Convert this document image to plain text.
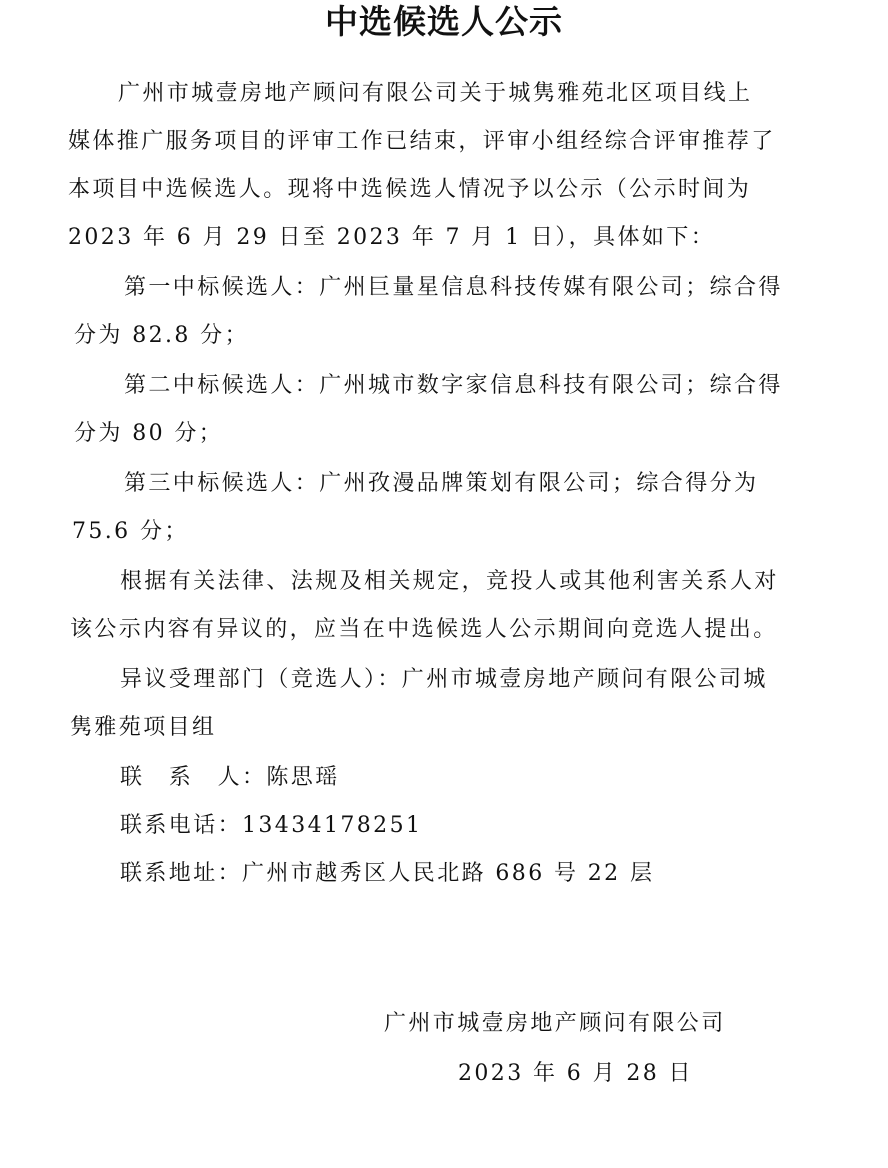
中选候选人公示
广州市城壹房地产顾问有限公司关于城隽雅苑北区项目线上
媒体推广服务项目的评审工作已结束，评审小组经综合评审推荐了
本项目中选候选人。现将中选候选人情况予以公示（公示时间为
2023 年 6 月 29 日至 2023 年 7 月 1 日），具体如下：
第一中标候选人：广州巨量星信息科技传媒有限公司；综合得
分为 82.8 分；
第二中标候选人：广州城市数字家信息科技有限公司；综合得
分为 80 分；
第三中标候选人：广州孜漫品牌策划有限公司；综合得分为
75.6 分；
根据有关法律、法规及相关规定，竞投人或其他利害关系人对
该公示内容有异议的，应当在中选候选人公示期间向竞选人提出。
异议受理部门（竞选人）：广州市城壹房地产顾问有限公司城
隽雅苑项目组
联　系　人：陈思瑶
联系电话：13434178251
联系地址：广州市越秀区人民北路 686 号 22 层
广州市城壹房地产顾问有限公司
2023 年 6 月 28 日
